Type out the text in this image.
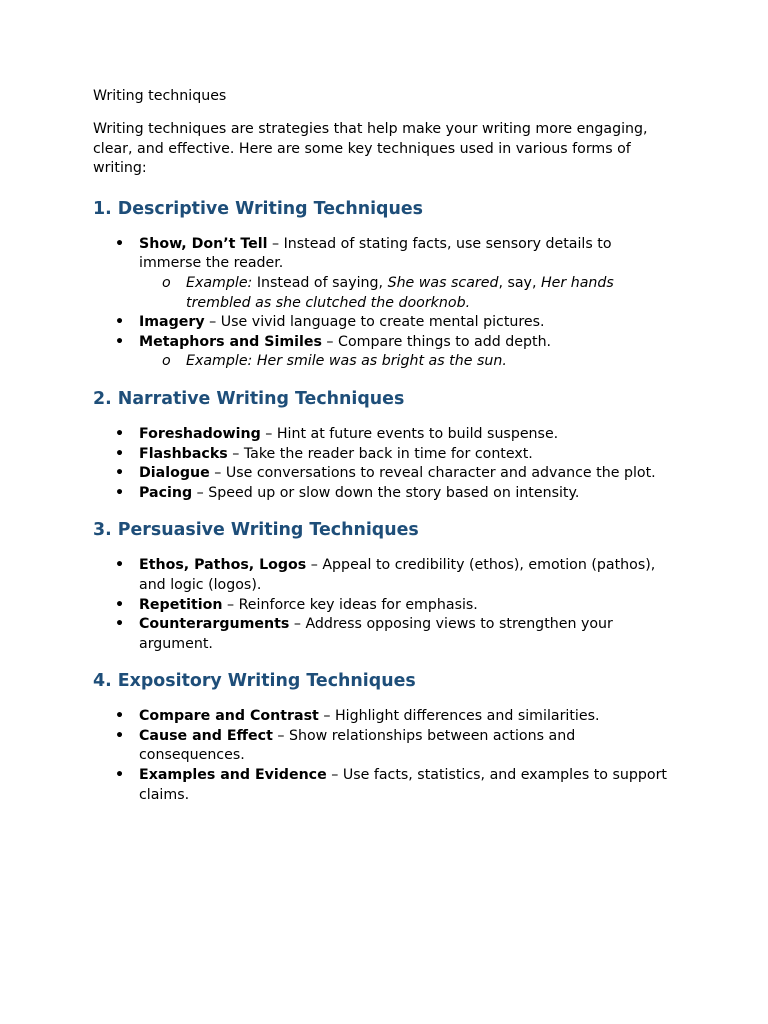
Writing techniques
Writing techniques are strategies that help make your writing more engaging, clear, and effective. Here are some key techniques used in various forms of writing:
1. Descriptive Writing Techniques
• Show, Don’t Tell – Instead of stating facts, use sensory details to immerse the reader.
o Example: Instead of saying, She was scared, say, Her hands trembled as she clutched the doorknob.
• Imagery – Use vivid language to create mental pictures.
• Metaphors and Similes – Compare things to add depth.
o Example: Her smile was as bright as the sun.
2. Narrative Writing Techniques
• Foreshadowing – Hint at future events to build suspense.
• Flashbacks – Take the reader back in time for context.
• Dialogue – Use conversations to reveal character and advance the plot.
• Pacing – Speed up or slow down the story based on intensity.
3. Persuasive Writing Techniques
• Ethos, Pathos, Logos – Appeal to credibility (ethos), emotion (pathos), and logic (logos).
• Repetition – Reinforce key ideas for emphasis.
• Counterarguments – Address opposing views to strengthen your argument.
4. Expository Writing Techniques
• Compare and Contrast – Highlight differences and similarities.
• Cause and Effect – Show relationships between actions and consequences.
• Examples and Evidence – Use facts, statistics, and examples to support claims.
